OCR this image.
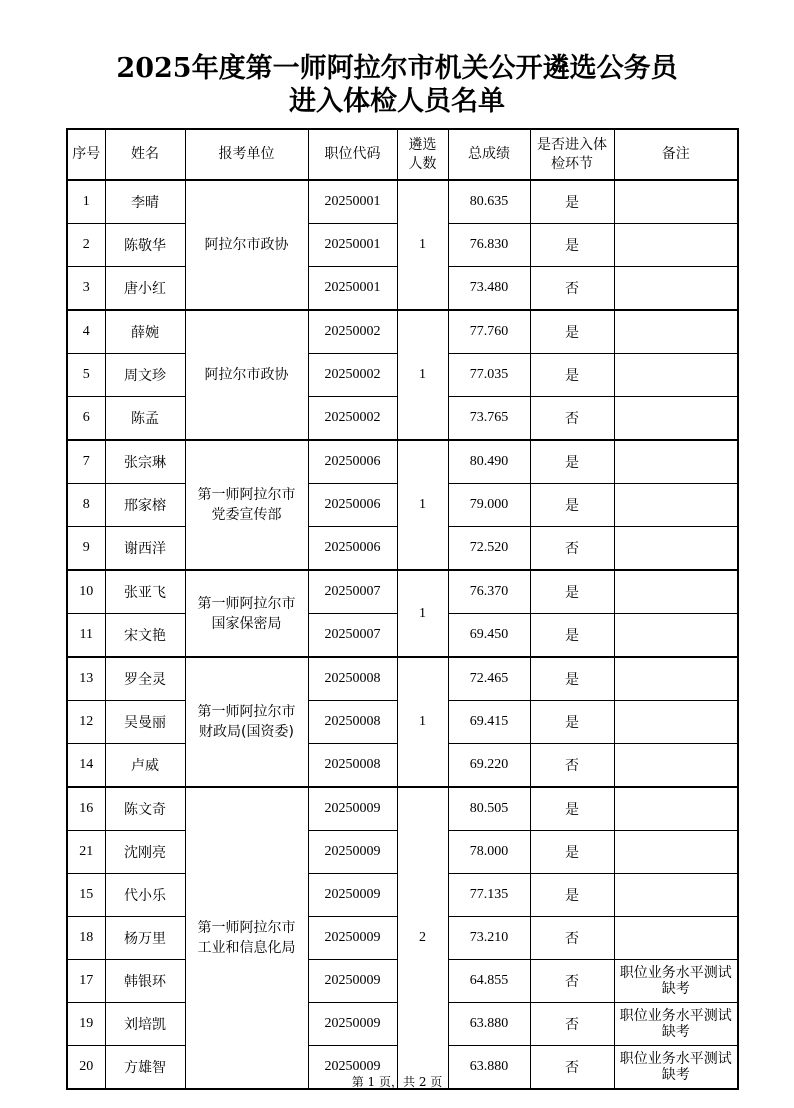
2025年度第一师阿拉尔市机关公开遴选公务员
进入体检人员名单
序号	姓名	报考单位	职位代码	遴选人数	总成绩	是否进入体检环节	备注
1	李晴	阿拉尔市政协	20250001	1	80.635	是	

2	陈敬华		20250001		76.830	是	

3	唐小红		20250001		73.480	否	

4	薛婉	阿拉尔市政协	20250002	1	77.760	是	

5	周文珍		20250002		77.035	是	

6	陈孟		20250002		73.765	否	

7	张宗琳	第一师阿拉尔市党委宣传部	20250006	1	80.490	是	

8	邢家榕		20250006		79.000	是	

9	谢西洋		20250006		72.520	否	

10	张亚飞	第一师阿拉尔市国家保密局	20250007	1	76.370	是	

11	宋文艳		20250007		69.450	是	

13	罗全灵	第一师阿拉尔市财政局(国资委)	20250008	1	72.465	是	

12	吴曼丽		20250008		69.415	是	

14	卢威		20250008		69.220	否	

16	陈文奇	第一师阿拉尔市工业和信息化局	20250009	2	80.505	是	

21	沈刚亮		20250009		78.000	是	

15	代小乐		20250009		77.135	是	

18	杨万里		20250009		73.210	否	

17	韩银环		20250009		64.855	否	职位业务水平测试缺考

19	刘培凯		20250009		63.880	否	职位业务水平测试缺考

20	方雄智		20250009		63.880	否	职位业务水平测试缺考
第 1 页，共 2 页
